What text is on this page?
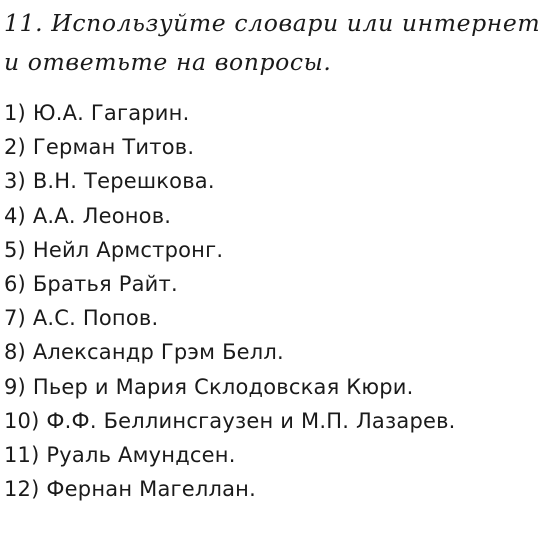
11. Используйте словари или интернет
и ответьте на вопросы.

1) Ю.А. Гагарин.
2) Герман Титов.
3) В.Н. Терешкова.
4) А.А. Леонов.
5) Нейл Армстронг.
6) Братья Райт.
7) А.С. Попов.
8) Александр Грэм Белл.
9) Пьер и Мария Склодовская Кюри.
10) Ф.Ф. Беллинсгаузен и М.П. Лазарев.
11) Руаль Амундсен.
12) Фернан Магеллан.
